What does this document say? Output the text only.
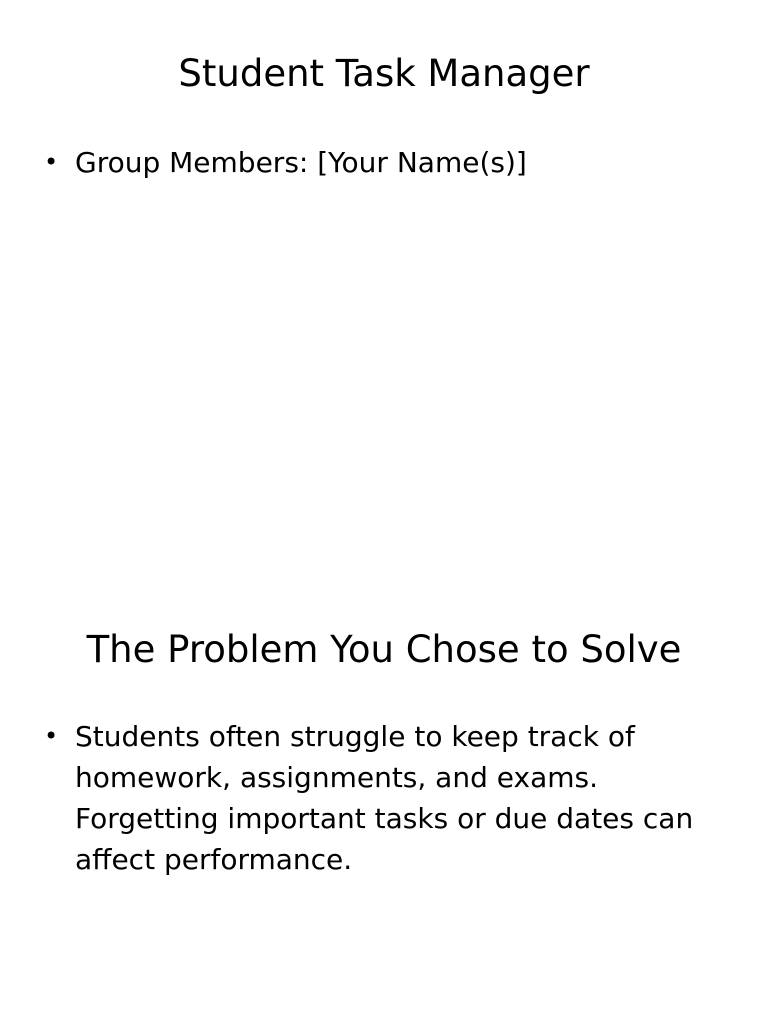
Student Task Manager
• Group Members: [Your Name(s)]
The Problem You Chose to Solve
• Students often struggle to keep track of homework, assignments, and exams. Forgetting important tasks or due dates can affect performance.
